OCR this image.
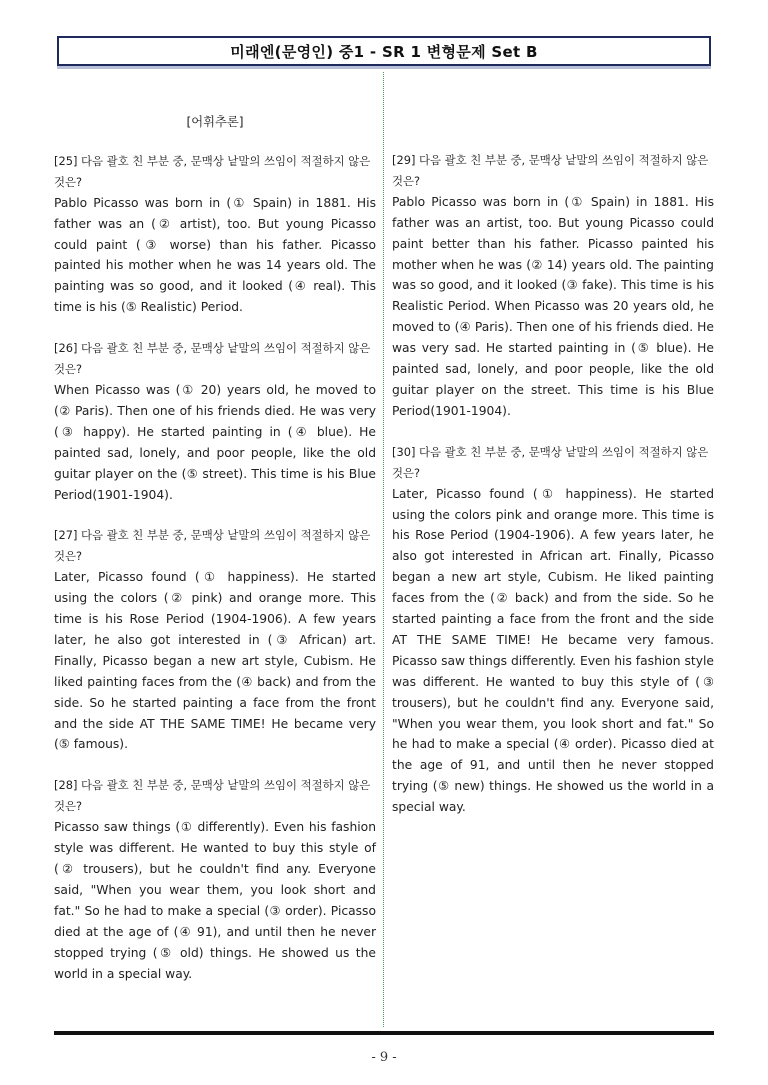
미래엔(문영인) 중1 - SR 1 변형문제 Set B
[어휘추론]
[25] 다음 괄호 친 부분 중, 문맥상 낱말의 쓰임이 적절하지 않은 것은?
Pablo Picasso was born in (① Spain) in 1881. His father was an (② artist), too. But young Picasso could paint (③ worse) than his father. Picasso painted his mother when he was 14 years old. The painting was so good, and it looked (④ real). This time is his (⑤ Realistic) Period.
[26] 다음 괄호 친 부분 중, 문맥상 낱말의 쓰임이 적절하지 않은 것은?
When Picasso was (① 20) years old, he moved to (② Paris). Then one of his friends died. He was very (③ happy). He started painting in (④ blue). He painted sad, lonely, and poor people, like the old guitar player on the (⑤ street). This time is his Blue Period(1901-1904).
[27] 다음 괄호 친 부분 중, 문맥상 낱말의 쓰임이 적절하지 않은 것은?
Later, Picasso found (① happiness). He started using the colors (② pink) and orange more. This time is his Rose Period (1904-1906). A few years later, he also got interested in (③ African) art. Finally, Picasso began a new art style, Cubism. He liked painting faces from the (④ back) and from the side. So he started painting a face from the front and the side AT THE SAME TIME! He became very (⑤ famous).
[28] 다음 괄호 친 부분 중, 문맥상 낱말의 쓰임이 적절하지 않은 것은?
Picasso saw things (① differently). Even his fashion style was different. He wanted to buy this style of (② trousers), but he couldn't find any. Everyone said, "When you wear them, you look short and fat." So he had to make a special (③ order). Picasso died at the age of (④ 91), and until then he never stopped trying (⑤ old) things. He showed us the world in a special way.
[29] 다음 괄호 친 부분 중, 문맥상 낱말의 쓰임이 적절하지 않은 것은?
Pablo Picasso was born in (① Spain) in 1881. His father was an artist, too. But young Picasso could paint better than his father. Picasso painted his mother when he was (② 14) years old. The painting was so good, and it looked (③ fake). This time is his Realistic Period. When Picasso was 20 years old, he moved to (④ Paris). Then one of his friends died. He was very sad. He started painting in (⑤ blue). He painted sad, lonely, and poor people, like the old guitar player on the street. This time is his Blue Period(1901-1904).
[30] 다음 괄호 친 부분 중, 문맥상 낱말의 쓰임이 적절하지 않은 것은?
Later, Picasso found (① happiness). He started using the colors pink and orange more. This time is his Rose Period (1904-1906). A few years later, he also got interested in African art. Finally, Picasso began a new art style, Cubism. He liked painting faces from the (② back) and from the side. So he started painting a face from the front and the side AT THE SAME TIME! He became very famous. Picasso saw things differently. Even his fashion style was different. He wanted to buy this style of (③ trousers), but he couldn't find any. Everyone said, "When you wear them, you look short and fat." So he had to make a special (④ order). Picasso died at the age of 91, and until then he never stopped trying (⑤ new) things. He showed us the world in a special way.
- 9 -
